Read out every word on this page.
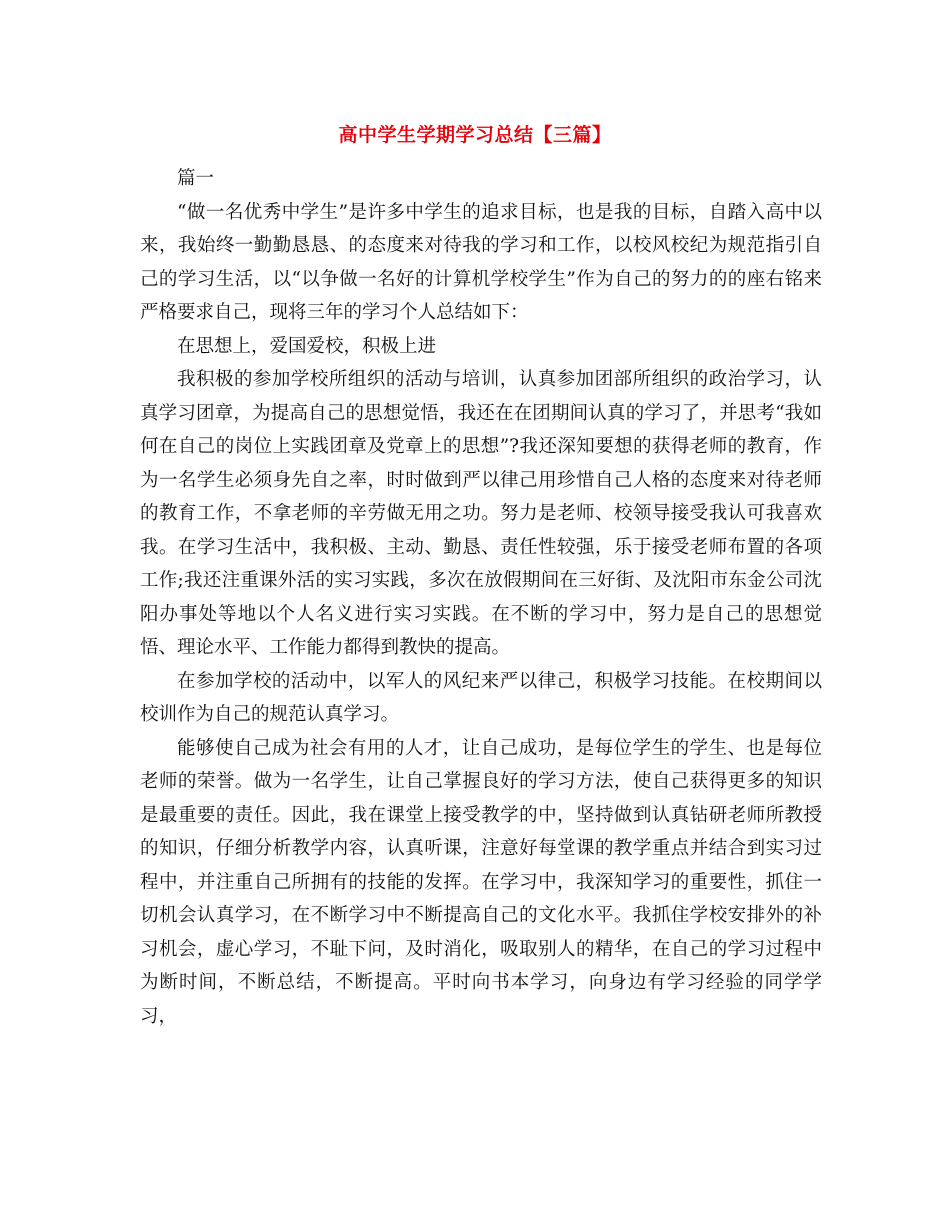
高中学生学期学习总结【三篇】

篇一

“做一名优秀中学生”是许多中学生的追求目标，也是我的目标，自踏入高中以来，我始终一勤勤恳恳、的态度来对待我的学习和工作，以校风校纪为规范指引自己的学习生活，以“以争做一名好的计算机学校学生”作为自己的努力的的座右铭来严格要求自己，现将三年的学习个人总结如下：

在思想上，爱国爱校，积极上进

我积极的参加学校所组织的活动与培训，认真参加团部所组织的政治学习，认真学习团章，为提高自己的思想觉悟，我还在在团期间认真的学习了，并思考“我如何在自己的岗位上实践团章及党章上的思想”?我还深知要想的获得老师的教育，作为一名学生必须身先自之率，时时做到严以律己用珍惜自己人格的态度来对待老师的教育工作，不拿老师的辛劳做无用之功。努力是老师、校领导接受我认可我喜欢我。在学习生活中，我积极、主动、勤恳、责任性较强，乐于接受老师布置的各项工作;我还注重课外活的实习实践，多次在放假期间在三好街、及沈阳市东金公司沈阳办事处等地以个人名义进行实习实践。在不断的学习中，努力是自己的思想觉悟、理论水平、工作能力都得到教快的提高。

在参加学校的活动中，以军人的风纪来严以律己，积极学习技能。在校期间以校训作为自己的规范认真学习。

能够使自己成为社会有用的人才，让自己成功，是每位学生的学生、也是每位老师的荣誉。做为一名学生，让自己掌握良好的学习方法，使自己获得更多的知识是最重要的责任。因此，我在课堂上接受教学的中，坚持做到认真钻研老师所教授的知识，仔细分析教学内容，认真听课，注意好每堂课的教学重点并结合到实习过程中，并注重自己所拥有的技能的发挥。在学习中，我深知学习的重要性，抓住一切机会认真学习，在不断学习中不断提高自己的文化水平。我抓住学校安排外的补习机会，虚心学习，不耻下问，及时消化，吸取别人的精华，在自己的学习过程中为断时间，不断总结，不断提高。平时向书本学习，向身边有学习经验的同学学习，
